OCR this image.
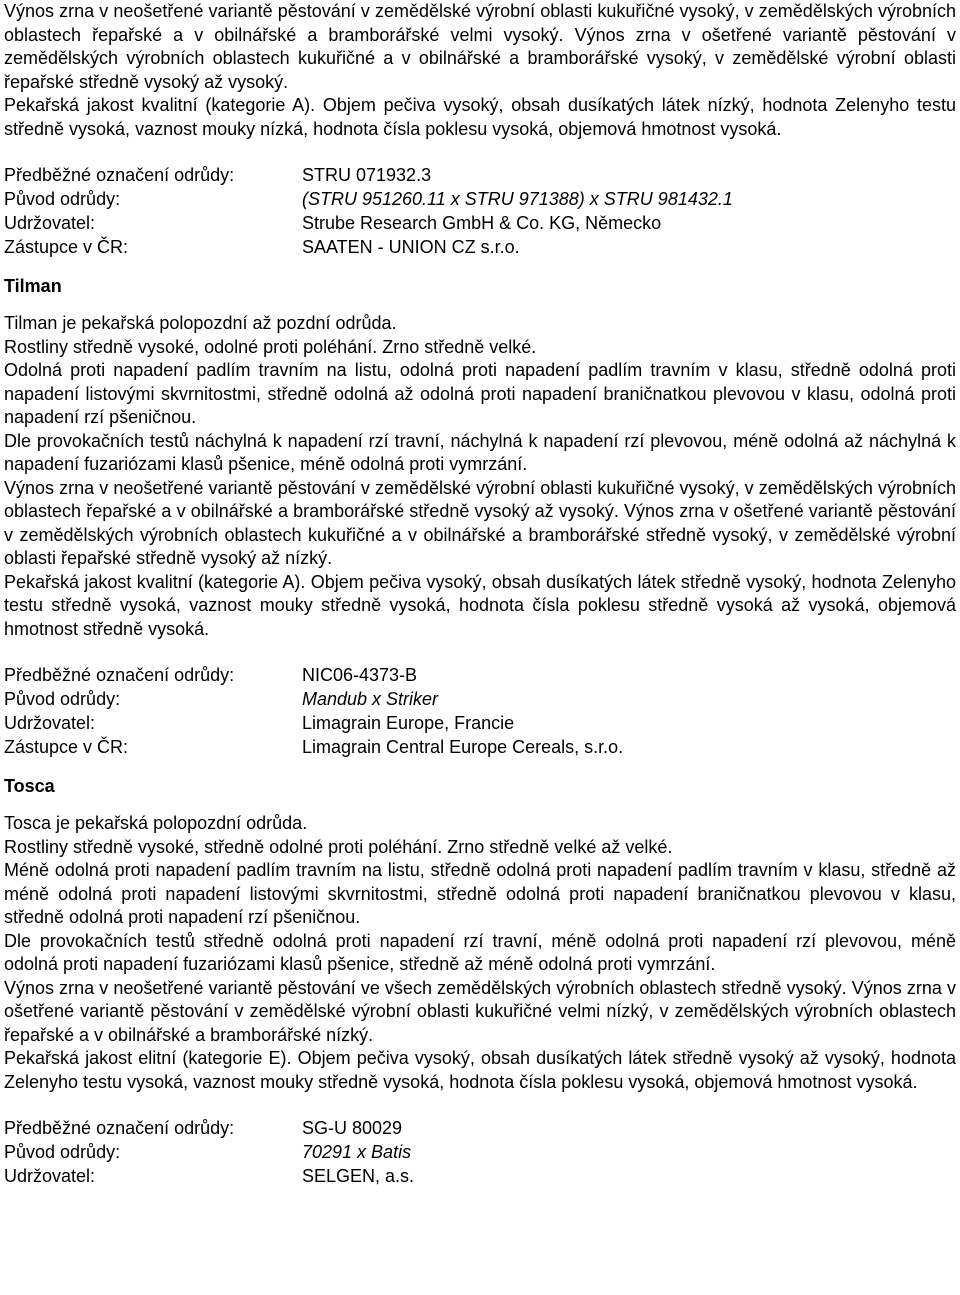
Výnos zrna v neošetřené variantě pěstování v zemědělské výrobní oblasti kukuřičné vysoký, v zemědělských výrobních oblastech řepařské a v obilnářské a bramborářské velmi vysoký. Výnos zrna v ošetřené variantě pěstování v zemědělských výrobních oblastech kukuřičné a v obilnářské a bramborářské vysoký, v zemědělské výrobní oblasti řepařské středně vysoký až vysoký.

Pekařská jakost kvalitní (kategorie A). Objem pečiva vysoký, obsah dusíkatých látek nízký, hodnota Zelenyho testu středně vysoká, vaznost mouky nízká, hodnota čísla poklesu vysoká, objemová hmotnost vysoká.

Předběžné označení odrůdy:	STRU 071932.3
Původ odrůdy:	(STRU 951260.11 x STRU 971388) x STRU 981432.1
Udržovatel:	Strube Research GmbH & Co. KG, Německo
Zástupce v ČR:	SAATEN - UNION CZ s.r.o.
Tilman

Tilman je pekařská polopozdní až pozdní odrůda.

Rostliny středně vysoké, odolné proti poléhání. Zrno středně velké.

Odolná proti napadení padlím travním na listu, odolná proti napadení padlím travním v klasu, středně odolná proti napadení listovými skvrnitostmi, středně odolná až odolná proti napadení braničnatkou plevovou v klasu, odolná proti napadení rzí pšeničnou.

Dle provokačních testů náchylná k napadení rzí travní, náchylná k napadení rzí plevovou, méně odolná až náchylná k napadení fuzariózami klasů pšenice, méně odolná proti vymrzání.

Výnos zrna v neošetřené variantě pěstování v zemědělské výrobní oblasti kukuřičné vysoký, v zemědělských výrobních oblastech řepařské a v obilnářské a bramborářské středně vysoký až vysoký. Výnos zrna v ošetřené variantě pěstování v zemědělských výrobních oblastech kukuřičné a v obilnářské a bramborářské středně vysoký, v zemědělské výrobní oblasti řepařské středně vysoký až nízký.

Pekařská jakost kvalitní (kategorie A). Objem pečiva vysoký, obsah dusíkatých látek středně vysoký, hodnota Zelenyho testu středně vysoká, vaznost mouky středně vysoká, hodnota čísla poklesu středně vysoká až vysoká, objemová hmotnost středně vysoká.

Předběžné označení odrůdy:	NIC06-4373-B
Původ odrůdy:	Mandub x Striker
Udržovatel:	Limagrain Europe, Francie
Zástupce v ČR:	Limagrain Central Europe Cereals, s.r.o.
Tosca

Tosca je pekařská polopozdní odrůda.

Rostliny středně vysoké, středně odolné proti poléhání. Zrno středně velké až velké.

Méně odolná proti napadení padlím travním na listu, středně odolná proti napadení padlím travním v klasu, středně až méně odolná proti napadení listovými skvrnitostmi, středně odolná proti napadení braničnatkou plevovou v klasu, středně odolná proti napadení rzí pšeničnou.

Dle provokačních testů středně odolná proti napadení rzí travní, méně odolná proti napadení rzí plevovou, méně odolná proti napadení fuzariózami klasů pšenice, středně až méně odolná proti vymrzání.

Výnos zrna v neošetřené variantě pěstování ve všech zemědělských výrobních oblastech středně vysoký. Výnos zrna v ošetřené variantě pěstování v zemědělské výrobní oblasti kukuřičné velmi nízký, v zemědělských výrobních oblastech řepařské a v obilnářské a bramborářské nízký.

Pekařská jakost elitní (kategorie E). Objem pečiva vysoký, obsah dusíkatých látek středně vysoký až vysoký, hodnota Zelenyho testu vysoká, vaznost mouky středně vysoká, hodnota čísla poklesu vysoká, objemová hmotnost vysoká.

Předběžné označení odrůdy:	SG-U 80029
Původ odrůdy:	70291 x Batis
Udržovatel:	SELGEN, a.s.
